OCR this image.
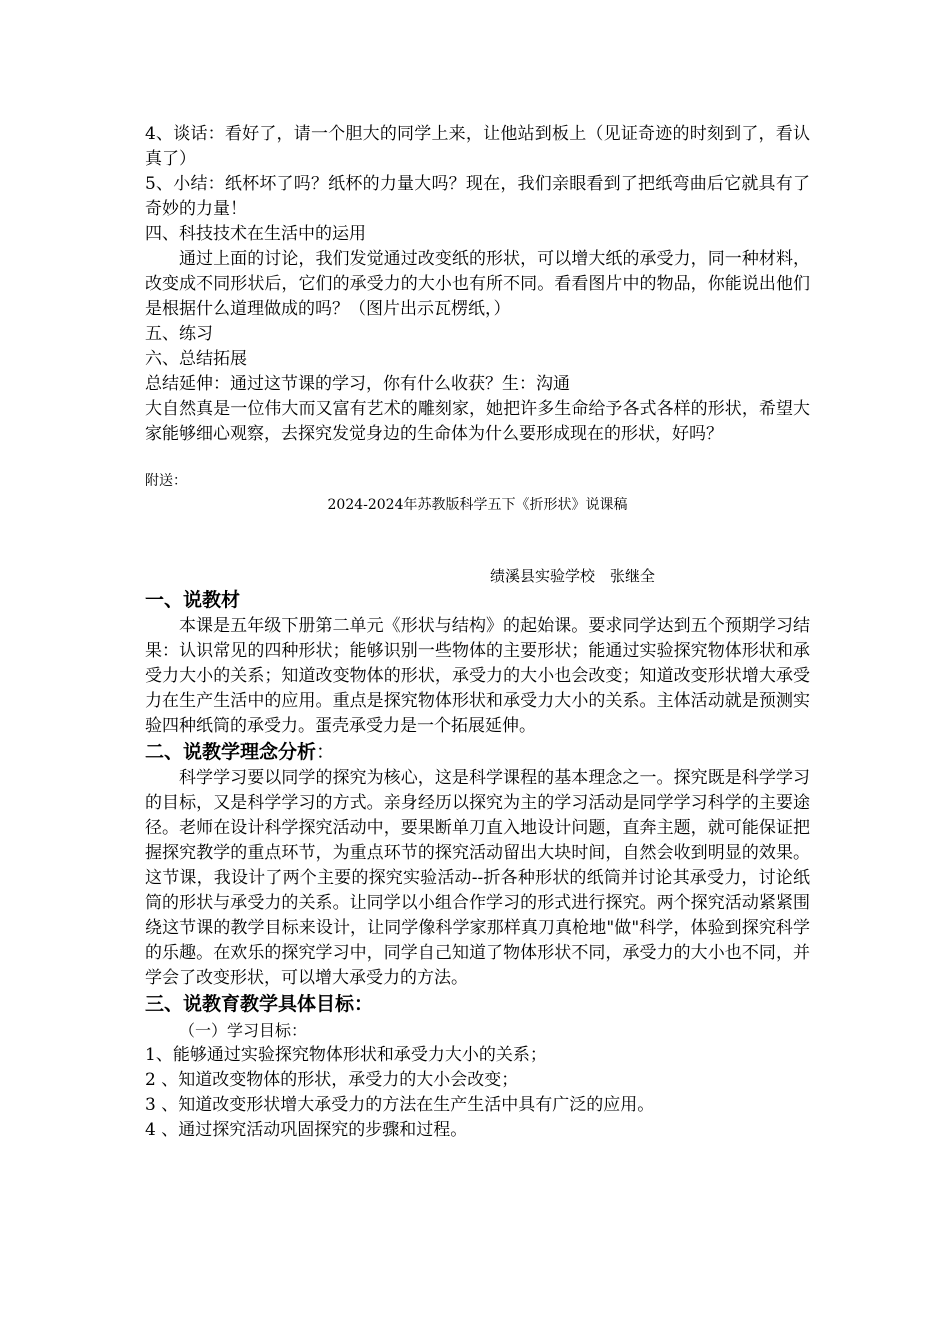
4、谈话：看好了，请一个胆大的同学上来，让他站到板上（见证奇迹的时刻到了，看认真了）

5、小结：纸杯坏了吗？纸杯的力量大吗？现在，我们亲眼看到了把纸弯曲后它就具有了奇妙的力量！

四、科技技术在生活中的运用

通过上面的讨论，我们发觉通过改变纸的形状，可以增大纸的承受力，同一种材料，改变成不同形状后，它们的承受力的大小也有所不同。看看图片中的物品，你能说出他们是根据什么道理做成的吗？（图片出示瓦楞纸，）

五、练习

六、总结拓展

总结延伸：通过这节课的学习，你有什么收获？生：沟通

大自然真是一位伟大而又富有艺术的雕刻家，她把许多生命给予各式各样的形状，希望大家能够细心观察，去探究发觉身边的生命体为什么要形成现在的形状，好吗？

附送：

2024-2024年苏教版科学五下《折形状》说课稿

绩溪县实验学校　张继全

一、说教材

本课是五年级下册第二单元《形状与结构》的起始课。要求同学达到五个预期学习结果：认识常见的四种形状；能够识别一些物体的主要形状；能通过实验探究物体形状和承受力大小的关系；知道改变物体的形状，承受力的大小也会改变；知道改变形状增大承受力在生产生活中的应用。重点是探究物体形状和承受力大小的关系。主体活动就是预测实验四种纸筒的承受力。蛋壳承受力是一个拓展延伸。

二、说教学理念分析：

科学学习要以同学的探究为核心，这是科学课程的基本理念之一。探究既是科学学习的目标，又是科学学习的方式。亲身经历以探究为主的学习活动是同学学习科学的主要途径。老师在设计科学探究活动中，要果断单刀直入地设计问题，直奔主题，就可能保证把握探究教学的重点环节，为重点环节的探究活动留出大块时间，自然会收到明显的效果。这节课，我设计了两个主要的探究实验活动--折各种形状的纸筒并讨论其承受力，讨论纸筒的形状与承受力的关系。让同学以小组合作学习的形式进行探究。两个探究活动紧紧围绕这节课的教学目标来设计，让同学像科学家那样真刀真枪地"做"科学，体验到探究科学的乐趣。在欢乐的探究学习中，同学自己知道了物体形状不同，承受力的大小也不同，并学会了改变形状，可以增大承受力的方法。

三、说教育教学具体目标：

（一）学习目标：

1、能够通过实验探究物体形状和承受力大小的关系；

2 、知道改变物体的形状，承受力的大小会改变；

3 、知道改变形状增大承受力的方法在生产生活中具有广泛的应用。

4 、通过探究活动巩固探究的步骤和过程。
